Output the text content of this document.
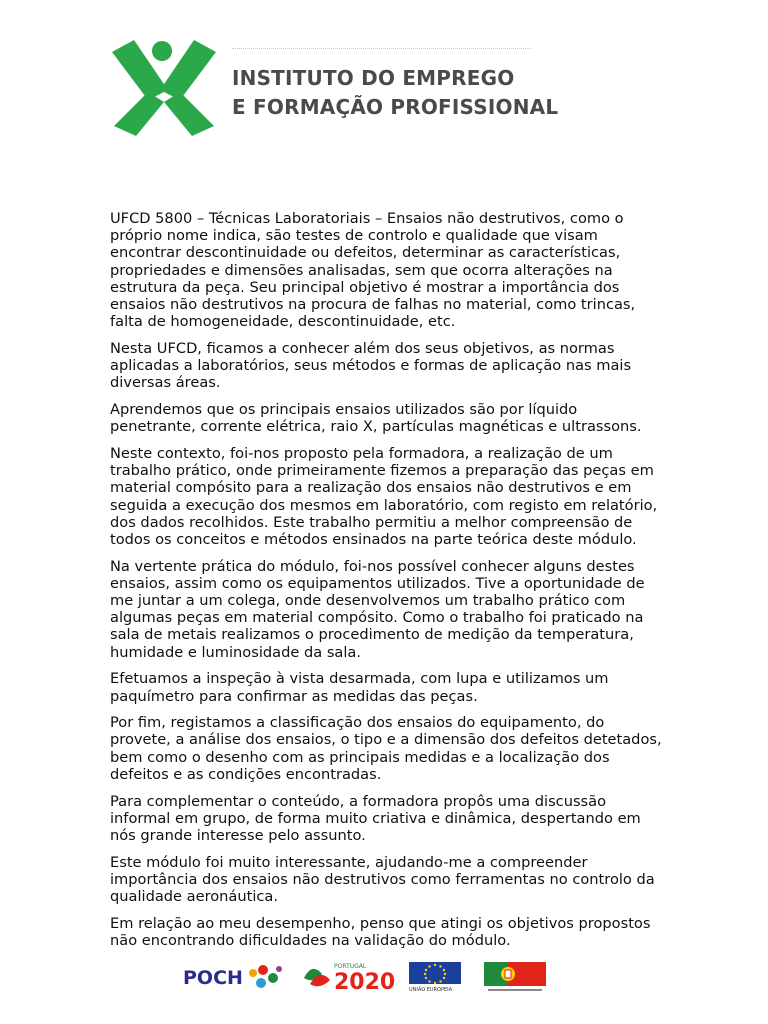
INSTITUTO DO EMPREGO
E FORMAÇÃO PROFISSIONAL

UFCD 5800 – Técnicas Laboratoriais – Ensaios não destrutivos, como o próprio nome indica, são testes de controlo e qualidade que visam encontrar descontinuidade ou defeitos, determinar as características, propriedades e dimensões analisadas, sem que ocorra alterações na estrutura da peça. Seu principal objetivo é mostrar a importância dos ensaios não destrutivos na procura de falhas no material, como trincas, falta de homogeneidade, descontinuidade, etc.

Nesta UFCD, ficamos a conhecer além dos seus objetivos, as normas aplicadas a laboratórios, seus métodos e formas de aplicação nas mais diversas áreas.

Aprendemos que os principais ensaios utilizados são por líquido penetrante, corrente elétrica, raio X, partículas magnéticas e ultrassons.

Neste contexto, foi-nos proposto pela formadora, a realização de um trabalho prático, onde primeiramente fizemos a preparação das peças em material compósito para a realização dos ensaios não destrutivos e em seguida a execução dos mesmos em laboratório, com registo em relatório, dos dados recolhidos. Este trabalho permitiu a melhor compreensão de todos os conceitos e métodos ensinados na parte teórica deste módulo.

Na vertente prática do módulo, foi-nos possível conhecer alguns destes ensaios, assim como os equipamentos utilizados. Tive a oportunidade de me juntar a um colega, onde desenvolvemos um trabalho prático com algumas peças em material compósito. Como o trabalho foi praticado na sala de metais realizamos o procedimento de medição da temperatura, humidade e luminosidade da sala.

Efetuamos a inspeção à vista desarmada, com lupa e utilizamos um paquímetro para confirmar as medidas das peças.

Por fim, registamos a classificação dos ensaios do equipamento, do provete, a análise dos ensaios, o tipo e a dimensão dos defeitos detetados, bem como o desenho com as principais medidas e a localização dos defeitos e as condições encontradas.

Para complementar o conteúdo, a formadora propôs uma discussão informal em grupo, de forma muito criativa e dinâmica, despertando em nós grande interesse pelo assunto.

Este módulo foi muito interessante, ajudando-me a compreender importância dos ensaios não destrutivos como ferramentas no controlo da qualidade aeronáutica.

Em relação ao meu desempenho, penso que atingi os objetivos propostos não encontrando dificuldades na validação do módulo.

POCH
PORTUGAL
2020	UNIÃO EUROPEIA
